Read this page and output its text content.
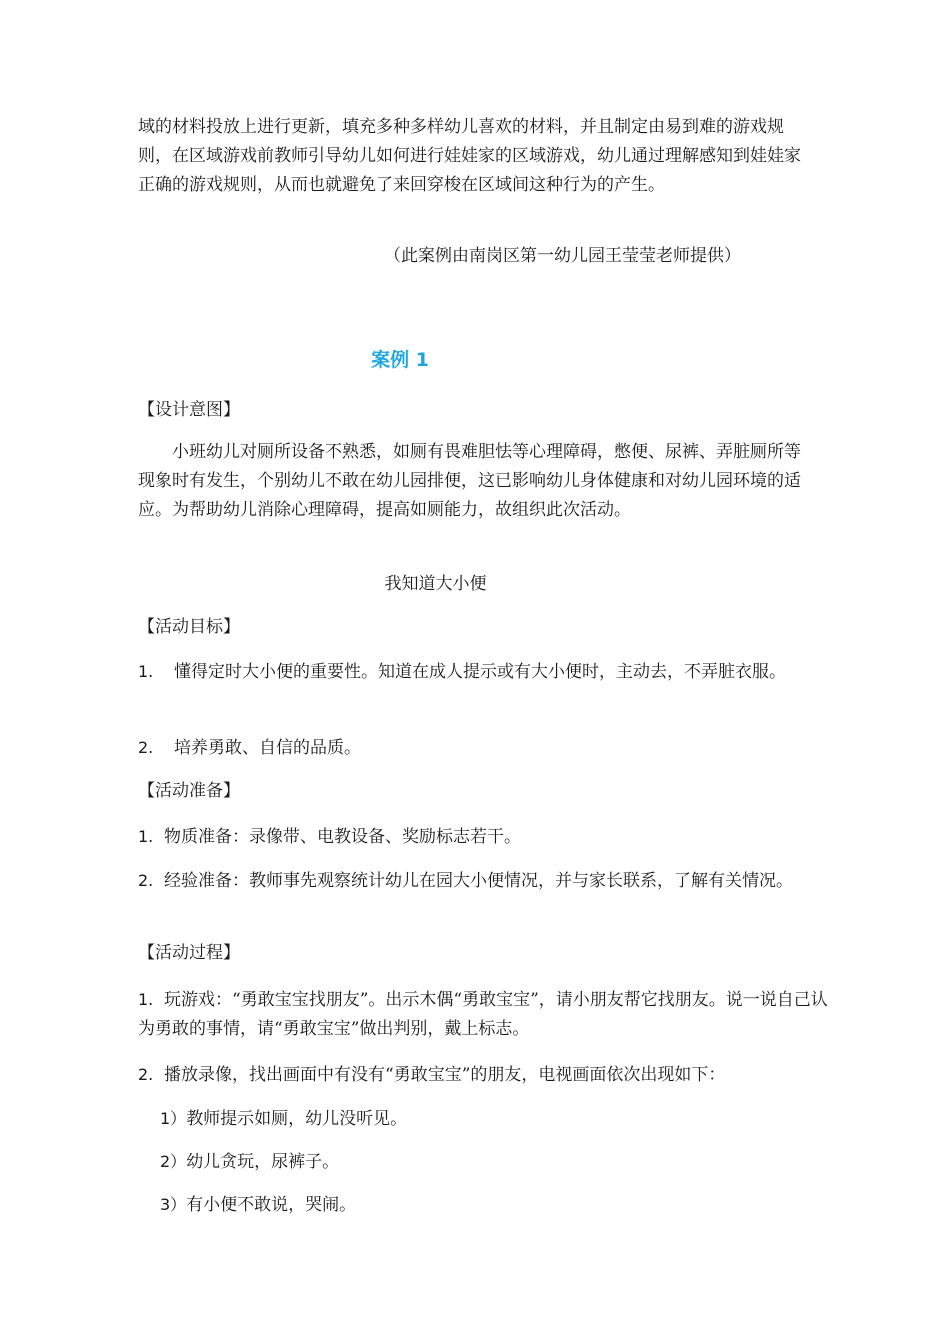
域的材料投放上进行更新，填充多种多样幼儿喜欢的材料，并且制定由易到难的游戏规则，在区域游戏前教师引导幼儿如何进行娃娃家的区域游戏，幼儿通过理解感知到娃娃家正确的游戏规则，从而也就避免了来回穿梭在区域间这种行为的产生。

（此案例由南岗区第一幼儿园王莹莹老师提供）

案例 1

【设计意图】

小班幼儿对厕所设备不熟悉，如厕有畏难胆怯等心理障碍，憋便、尿裤、弄脏厕所等现象时有发生，个别幼儿不敢在幼儿园排便，这已影响幼儿身体健康和对幼儿园环境的适应。为帮助幼儿消除心理障碍，提高如厕能力，故组织此次活动。

我知道大小便

【活动目标】

1. 懂得定时大小便的重要性。知道在成人提示或有大小便时，主动去，不弄脏衣服。

2. 培养勇敢、自信的品质。

【活动准备】

1. 物质准备：录像带、电教设备、奖励标志若干。

2. 经验准备：教师事先观察统计幼儿在园大小便情况，并与家长联系，了解有关情况。

【活动过程】

1. 玩游戏：“勇敢宝宝找朋友”。出示木偶“勇敢宝宝”，请小朋友帮它找朋友。说一说自己认为勇敢的事情，请“勇敢宝宝”做出判别，戴上标志。

2. 播放录像，找出画面中有没有“勇敢宝宝”的朋友，电视画面依次出现如下：

1）教师提示如厕，幼儿没听见。

2）幼儿贪玩，尿裤子。

3）有小便不敢说，哭闹。
